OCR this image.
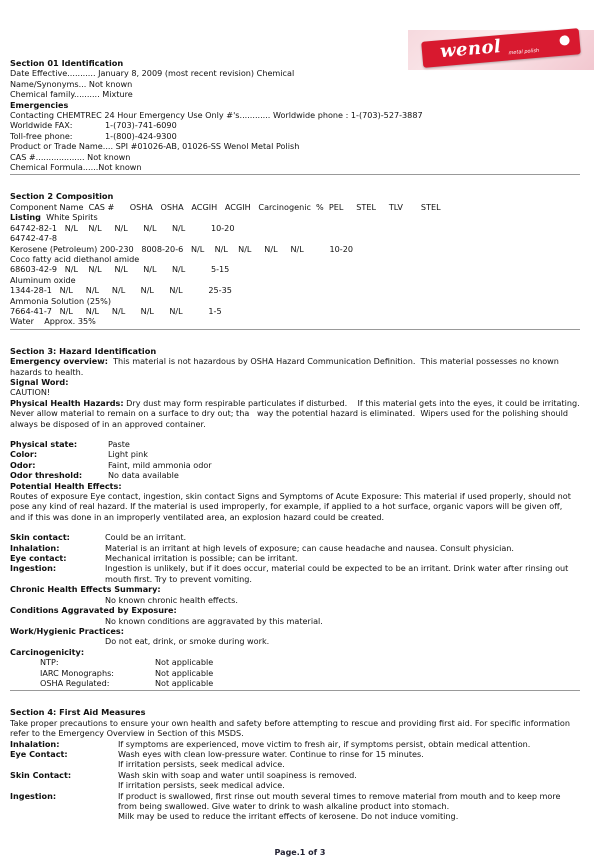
wenol metal polish
Section 01 Identification
Date Effective........... January 8, 2009 (most recent revision) Chemical
Name/Synonyms... Not known
Chemical family.......... Mixture
Emergencies
Contacting CHEMTREC 24 Hour Emergency Use Only #'s............ Worldwide phone : 1-(703)-527-3887
Worldwide FAX:	1-(703)-741-6090
Toll-free phone:	1-(800)-424-9300
Product or Trade Name.... SPI #01026-AB, 01026-SS Wenol Metal Polish
CAS #................... Not known
Chemical Formula......Not known
Section 2 Composition
Component Name  CAS #      OSHA   OSHA   ACGIH   ACGIH   Carcinogenic  %  PEL     STEL     TLV       STEL
Listing  White Spirits
64742-82-1   N/L    N/L     N/L      N/L      N/L          10-20
64742-47-8
Kerosene (Petroleum) 200-230   8008-20-6   N/L    N/L    N/L     N/L     N/L          10-20
Coco fatty acid diethanol amide
68603-42-9   N/L    N/L     N/L      N/L      N/L          5-15
Aluminum oxide
1344-28-1   N/L     N/L     N/L      N/L      N/L          25-35
Ammonia Solution (25%)
7664-41-7   N/L     N/L     N/L      N/L      N/L          1-5
Water    Approx. 35%
Section 3: Hazard Identification
Emergency overview:  This material is not hazardous by OSHA Hazard Communication Definition.  This material possesses no known hazards to health.
Signal Word:
CAUTION!
Physical Health Hazards: Dry dust may form respirable particulates if disturbed.    If this material gets into the eyes, it could be irritating. Never allow material to remain on a surface to dry out; tha   way the potential hazard is eliminated.  Wipers used for the polishing should always be disposed of in an approved container.
Physical state:	Paste
Color:	Light pink
Odor:	Faint, mild ammonia odor
Odor threshold:	No data available
Potential Health Effects:
Routes of exposure Eye contact, ingestion, skin contact Signs and Symptoms of Acute Exposure: This material if used properly, should not pose any kind of real hazard. If the material is used improperly, for example, if applied to a hot surface, organic vapors will be given off, and if this was done in an improperly ventilated area, an explosion hazard could be created.
Skin contact:	Could be an irritant.
Inhalation:	Material is an irritant at high levels of exposure; can cause headache and nausea. Consult physician.
Eye contact:	Mechanical irritation is possible; can be irritant.
Ingestion:	Ingestion is unlikely, but if it does occur, material could be expected to be an irritant. Drink water after rinsing out mouth first. Try to prevent vomiting.
Chronic Health Effects Summary:
No known chronic health effects.
Conditions Aggravated by Exposure:
No known conditions are aggravated by this material.
Work/Hygienic Practices:
Do not eat, drink, or smoke during work.
Carcinogenicity:
NTP:	Not applicable
IARC Monographs:	Not applicable
OSHA Regulated:	Not applicable
Section 4: First Aid Measures
Take proper precautions to ensure your own health and safety before attempting to rescue and providing first aid. For specific information refer to the Emergency Overview in Section of this MSDS.
Inhalation:	If symptoms are experienced, move victim to fresh air, if symptoms persist, obtain medical attention.
Eye Contact:	Wash eyes with clean low-pressure water. Continue to rinse for 15 minutes.
If irritation persists, seek medical advice.
Skin Contact:	Wash skin with soap and water until soapiness is removed.
If irritation persists, seek medical advice.
Ingestion:	If product is swallowed, first rinse out mouth several times to remove material from mouth and to keep more from being swallowed. Give water to drink to wash alkaline product into stomach.
Milk may be used to reduce the irritant effects of kerosene. Do not induce vomiting.
Page.1 of 3
